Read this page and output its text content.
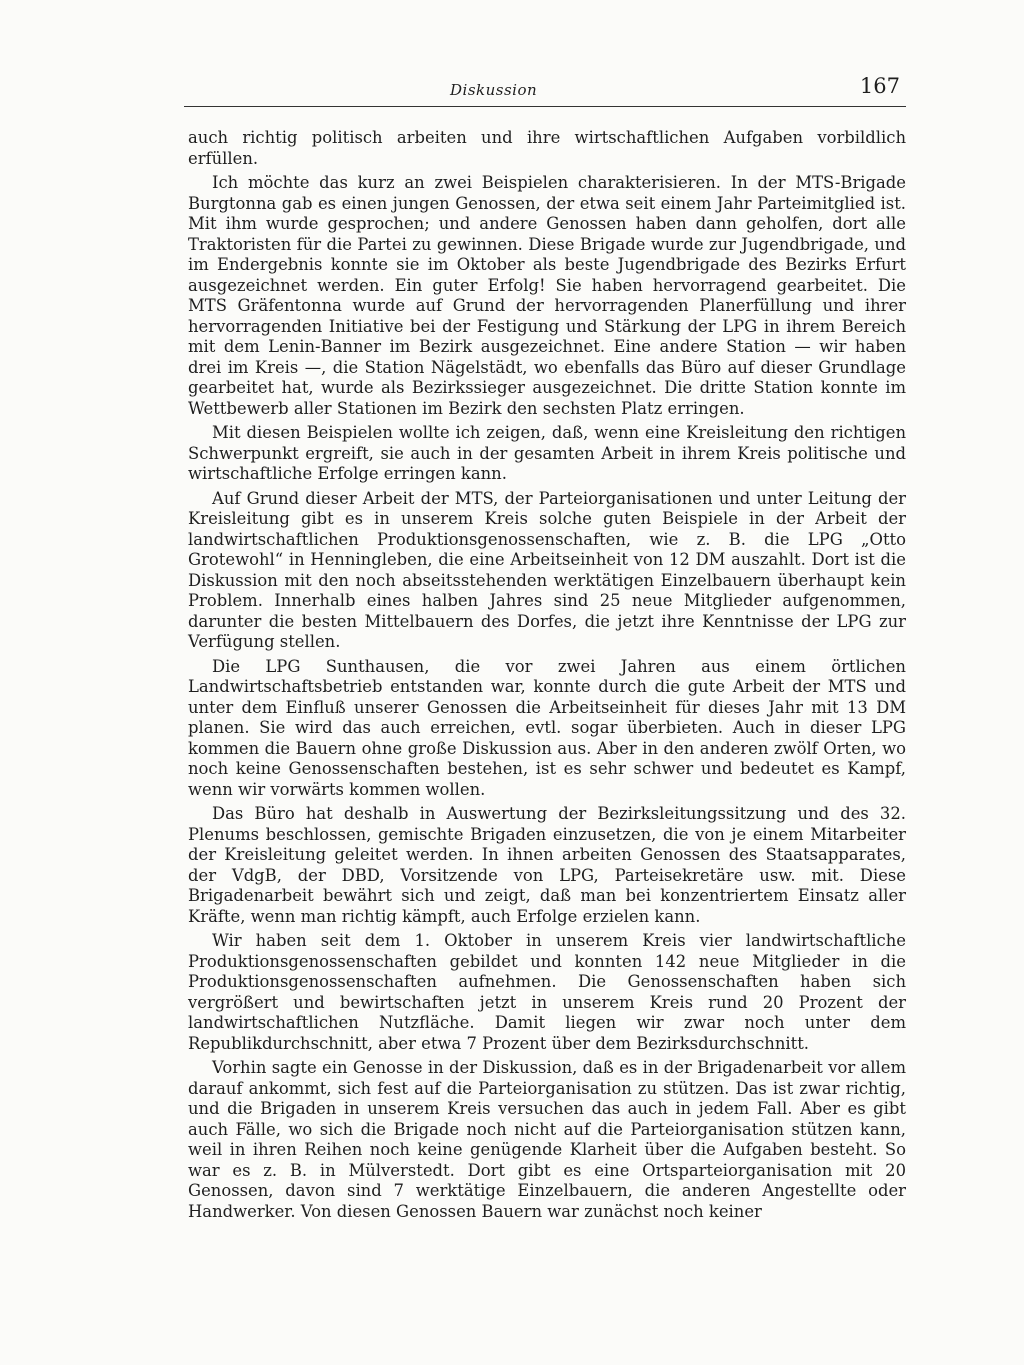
Diskussion	167

auch richtig politisch arbeiten und ihre wirtschaftlichen Aufgaben vorbildlich erfüllen.

Ich möchte das kurz an zwei Beispielen charakterisieren. In der MTS-Brigade Burgtonna gab es einen jungen Genossen, der etwa seit einem Jahr Parteimitglied ist. Mit ihm wurde gesprochen; und andere Genossen haben dann geholfen, dort alle Traktoristen für die Partei zu gewinnen. Diese Brigade wurde zur Jugendbrigade, und im Endergebnis konnte sie im Oktober als beste Jugendbrigade des Bezirks Erfurt ausgezeichnet werden. Ein guter Erfolg! Sie haben hervorragend gearbeitet. Die MTS Gräfentonna wurde auf Grund der hervorragenden Planerfüllung und ihrer hervorragenden Initiative bei der Festigung und Stärkung der LPG in ihrem Bereich mit dem Lenin-Banner im Bezirk ausgezeichnet. Eine andere Station — wir haben drei im Kreis —, die Station Nägelstädt, wo ebenfalls das Büro auf dieser Grundlage gearbeitet hat, wurde als Bezirkssieger ausgezeichnet. Die dritte Station konnte im Wettbewerb aller Stationen im Bezirk den sechsten Platz erringen.

Mit diesen Beispielen wollte ich zeigen, daß, wenn eine Kreisleitung den richtigen Schwerpunkt ergreift, sie auch in der gesamten Arbeit in ihrem Kreis politische und wirtschaftliche Erfolge erringen kann.

Auf Grund dieser Arbeit der MTS, der Parteiorganisationen und unter Leitung der Kreisleitung gibt es in unserem Kreis solche guten Beispiele in der Arbeit der landwirtschaftlichen Produktionsgenossenschaften, wie z. B. die LPG „Otto Grotewohl“ in Henningleben, die eine Arbeitseinheit von 12 DM auszahlt. Dort ist die Diskussion mit den noch abseitsstehenden werktätigen Einzelbauern überhaupt kein Problem. Innerhalb eines halben Jahres sind 25 neue Mitglieder aufgenommen, darunter die besten Mittelbauern des Dorfes, die jetzt ihre Kenntnisse der LPG zur Verfügung stellen.

Die LPG Sunthausen, die vor zwei Jahren aus einem örtlichen Landwirtschaftsbetrieb entstanden war, konnte durch die gute Arbeit der MTS und unter dem Einfluß unserer Genossen die Arbeitseinheit für dieses Jahr mit 13 DM planen. Sie wird das auch erreichen, evtl. sogar überbieten. Auch in dieser LPG kommen die Bauern ohne große Diskussion aus. Aber in den anderen zwölf Orten, wo noch keine Genossenschaften bestehen, ist es sehr schwer und bedeutet es Kampf, wenn wir vorwärts kommen wollen.

Das Büro hat deshalb in Auswertung der Bezirksleitungssitzung und des 32. Plenums beschlossen, gemischte Brigaden einzusetzen, die von je einem Mitarbeiter der Kreisleitung geleitet werden. In ihnen arbeiten Genossen des Staatsapparates, der VdgB, der DBD, Vorsitzende von LPG, Parteisekretäre usw. mit. Diese Brigadenarbeit bewährt sich und zeigt, daß man bei konzentriertem Einsatz aller Kräfte, wenn man richtig kämpft, auch Erfolge erzielen kann.

Wir haben seit dem 1. Oktober in unserem Kreis vier landwirtschaftliche Produktionsgenossenschaften gebildet und konnten 142 neue Mitglieder in die Produktionsgenossenschaften aufnehmen. Die Genossenschaften haben sich vergrößert und bewirtschaften jetzt in unserem Kreis rund 20 Prozent der landwirtschaftlichen Nutzfläche. Damit liegen wir zwar noch unter dem Republikdurchschnitt, aber etwa 7 Prozent über dem Bezirksdurchschnitt.

Vorhin sagte ein Genosse in der Diskussion, daß es in der Brigadenarbeit vor allem darauf ankommt, sich fest auf die Parteiorganisation zu stützen. Das ist zwar richtig, und die Brigaden in unserem Kreis versuchen das auch in jedem Fall. Aber es gibt auch Fälle, wo sich die Brigade noch nicht auf die Parteiorganisation stützen kann, weil in ihren Reihen noch keine genügende Klarheit über die Aufgaben besteht. So war es z. B. in Mülverstedt. Dort gibt es eine Ortsparteiorganisation mit 20 Genossen, davon sind 7 werktätige Einzelbauern, die anderen Angestellte oder Handwerker. Von diesen Genossen Bauern war zunächst noch keiner
